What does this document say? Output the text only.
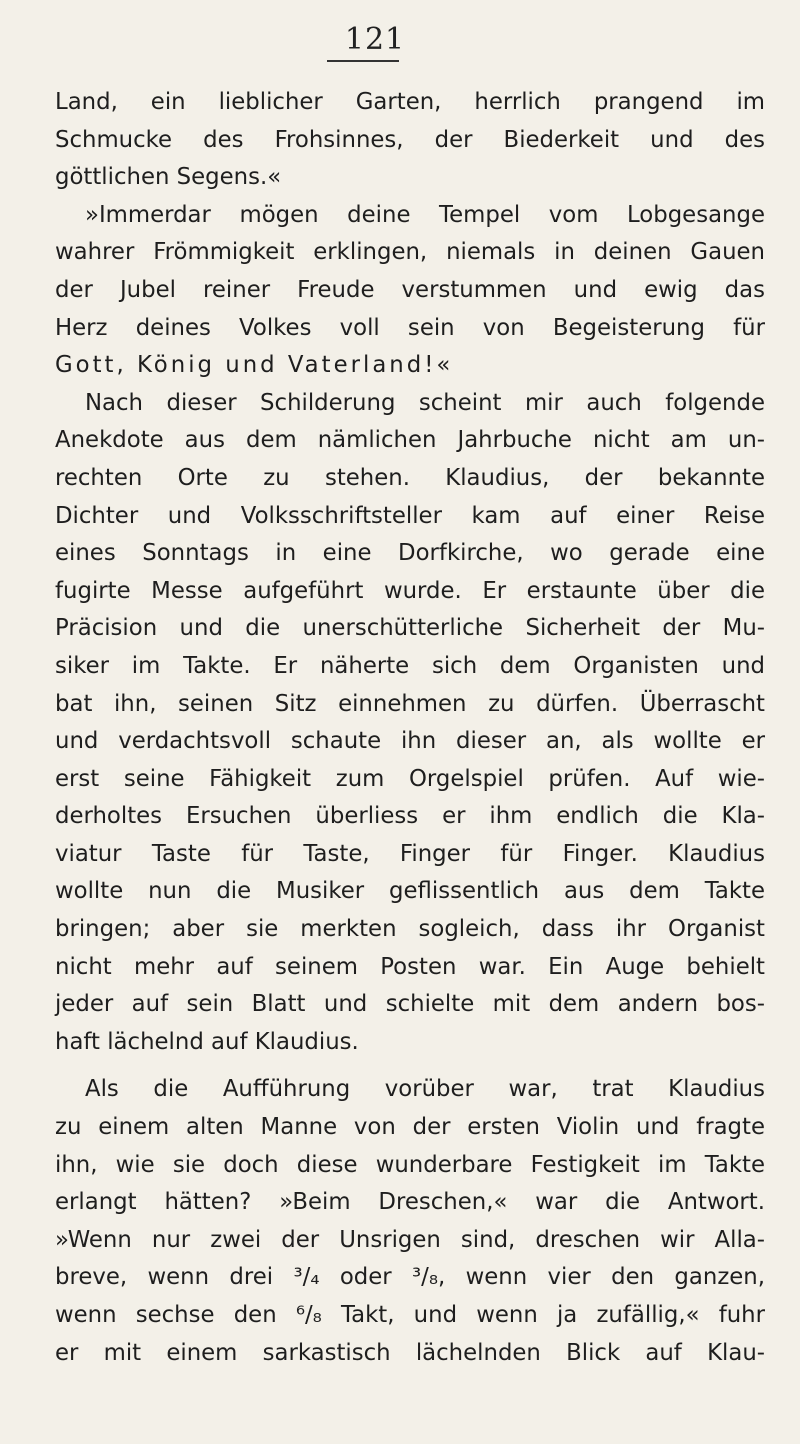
121
Land, ein lieblicher Garten, herrlich prangend im
Schmucke des Frohsinnes, der Biederkeit und des
göttlichen Segens.«
»Immerdar mögen deine Tempel vom Lobgesange
wahrer Frömmigkeit erklingen, niemals in deinen Gauen
der Jubel reiner Freude verstummen und ewig das
Herz deines Volkes voll sein von Begeisterung für
Gott, König und Vaterland!«
Nach dieser Schilderung scheint mir auch folgende
Anekdote aus dem nämlichen Jahrbuche nicht am un-
rechten Orte zu stehen. Klaudius, der bekannte
Dichter und Volksschriftsteller kam auf einer Reise
eines Sonntags in eine Dorfkirche, wo gerade eine
fugirte Messe aufgeführt wurde. Er erstaunte über die
Präcision und die unerschütterliche Sicherheit der Mu-
siker im Takte. Er näherte sich dem Organisten und
bat ihn, seinen Sitz einnehmen zu dürfen. Überrascht
und verdachtsvoll schaute ihn dieser an, als wollte er
erst seine Fähigkeit zum Orgelspiel prüfen. Auf wie-
derholtes Ersuchen überliess er ihm endlich die Kla-
viatur Taste für Taste, Finger für Finger. Klaudius
wollte nun die Musiker geflissentlich aus dem Takte
bringen; aber sie merkten sogleich, dass ihr Organist
nicht mehr auf seinem Posten war. Ein Auge behielt
jeder auf sein Blatt und schielte mit dem andern bos-
haft lächelnd auf Klaudius.
Als die Aufführung vorüber war, trat Klaudius
zu einem alten Manne von der ersten Violin und fragte
ihn, wie sie doch diese wunderbare Festigkeit im Takte
erlangt hätten? »Beim Dreschen,« war die Antwort.
»Wenn nur zwei der Unsrigen sind, dreschen wir Alla-
breve, wenn drei ³/₄ oder ³/₈, wenn vier den ganzen,
wenn sechse den ⁶/₈ Takt, und wenn ja zufällig,« fuhr
er mit einem sarkastisch lächelnden Blick auf Klau-
